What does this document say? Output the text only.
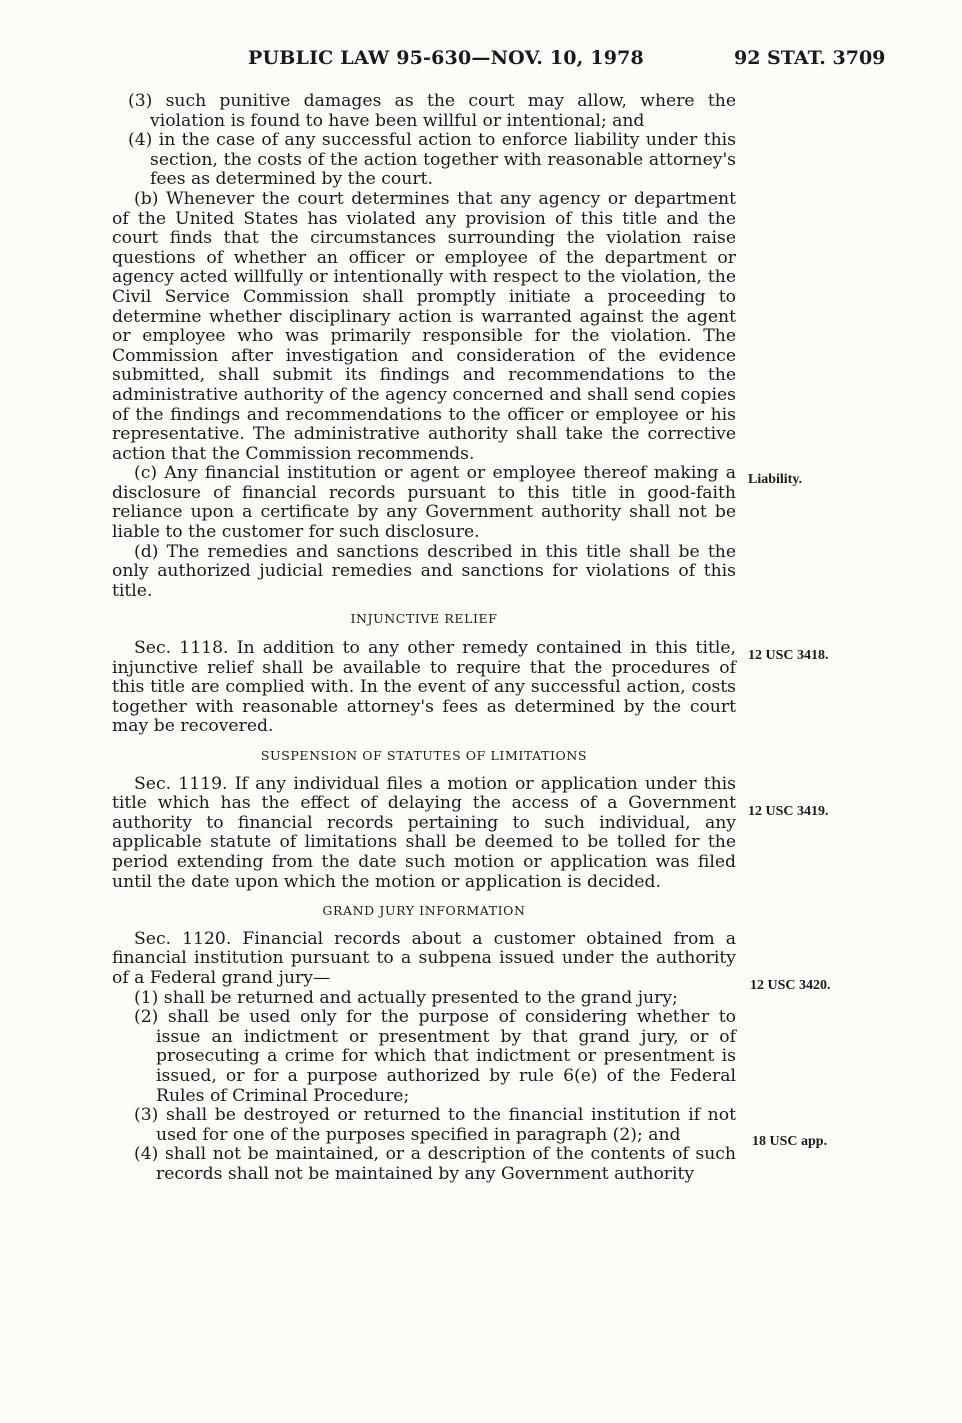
PUBLIC LAW 95-630—NOV. 10, 1978	92 STAT. 3709

(3) such punitive damages as the court may allow, where the violation is found to have been willful or intentional; and

(4) in the case of any successful action to enforce liability under this section, the costs of the action together with reasonable attorney's fees as determined by the court.

(b) Whenever the court determines that any agency or department of the United States has violated any provision of this title and the court finds that the circumstances surrounding the violation raise questions of whether an officer or employee of the department or agency acted willfully or intentionally with respect to the violation, the Civil Service Commission shall promptly initiate a proceeding to determine whether disciplinary action is warranted against the agent or employee who was primarily responsible for the violation. The Commission after investigation and consideration of the evidence submitted, shall submit its findings and recommendations to the administrative authority of the agency concerned and shall send copies of the findings and recommendations to the officer or employee or his representative. The administrative authority shall take the corrective action that the Commission recommends.

(c) Any financial institution or agent or employee thereof making a disclosure of financial records pursuant to this title in good-faith reliance upon a certificate by any Government authority shall not be liable to the customer for such disclosure.

(d) The remedies and sanctions described in this title shall be the only authorized judicial remedies and sanctions for violations of this title.

INJUNCTIVE RELIEF

Sec. 1118. In addition to any other remedy contained in this title, injunctive relief shall be available to require that the procedures of this title are complied with. In the event of any successful action, costs together with reasonable attorney's fees as determined by the court may be recovered.

SUSPENSION OF STATUTES OF LIMITATIONS

Sec. 1119. If any individual files a motion or application under this title which has the effect of delaying the access of a Government authority to financial records pertaining to such individual, any applicable statute of limitations shall be deemed to be tolled for the period extending from the date such motion or application was filed until the date upon which the motion or application is decided.

GRAND JURY INFORMATION

Sec. 1120. Financial records about a customer obtained from a financial institution pursuant to a subpena issued under the authority of a Federal grand jury—

(1) shall be returned and actually presented to the grand jury;

(2) shall be used only for the purpose of considering whether to issue an indictment or presentment by that grand jury, or of prosecuting a crime for which that indictment or presentment is issued, or for a purpose authorized by rule 6(e) of the Federal Rules of Criminal Procedure;

(3) shall be destroyed or returned to the financial institution if not used for one of the purposes specified in paragraph (2); and

(4) shall not be maintained, or a description of the contents of such records shall not be maintained by any Government authority

Liability.
12 USC 3418.
12 USC 3419.
12 USC 3420.
18 USC app.
